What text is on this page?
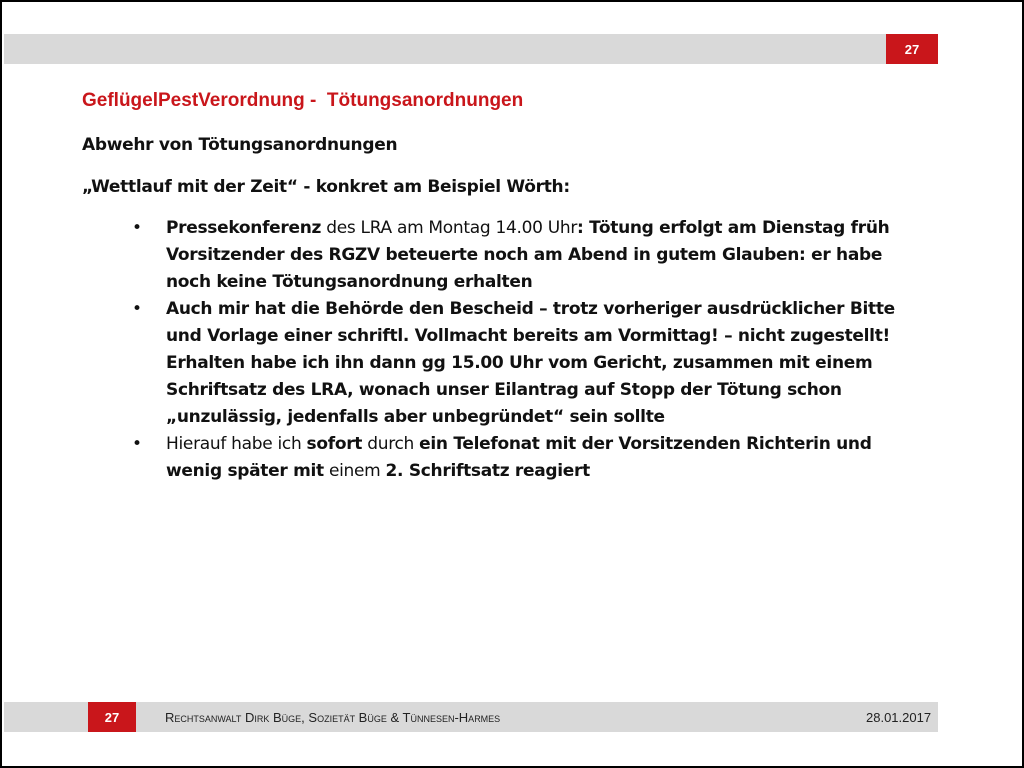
27
GeflügelPestVerordnung -  Tötungsanordnungen
Abwehr von Tötungsanordnungen
„Wettlauf mit der Zeit“ - konkret am Beispiel Wörth:
• Pressekonferenz des LRA am Montag 14.00 Uhr: Tötung erfolgt am Dienstag früh Vorsitzender des RGZV beteuerte noch am Abend in gutem Glauben: er habe noch keine Tötungsanordnung erhalten
• Auch mir hat die Behörde den Bescheid – trotz vorheriger ausdrücklicher Bitte und Vorlage einer schriftl. Vollmacht bereits am Vormittag! – nicht zugestellt! Erhalten habe ich ihn dann gg 15.00 Uhr vom Gericht, zusammen mit einem Schriftsatz des LRA, wonach unser Eilantrag auf Stopp der Tötung schon „unzulässig, jedenfalls aber unbegründet“ sein sollte
• Hierauf habe ich sofort durch ein Telefonat mit der Vorsitzenden Richterin und wenig später mit einem 2. Schriftsatz reagiert
27	Rechtsanwalt Dirk Büge, Sozietät Büge & Tünnesen-Harmes	28.01.2017
